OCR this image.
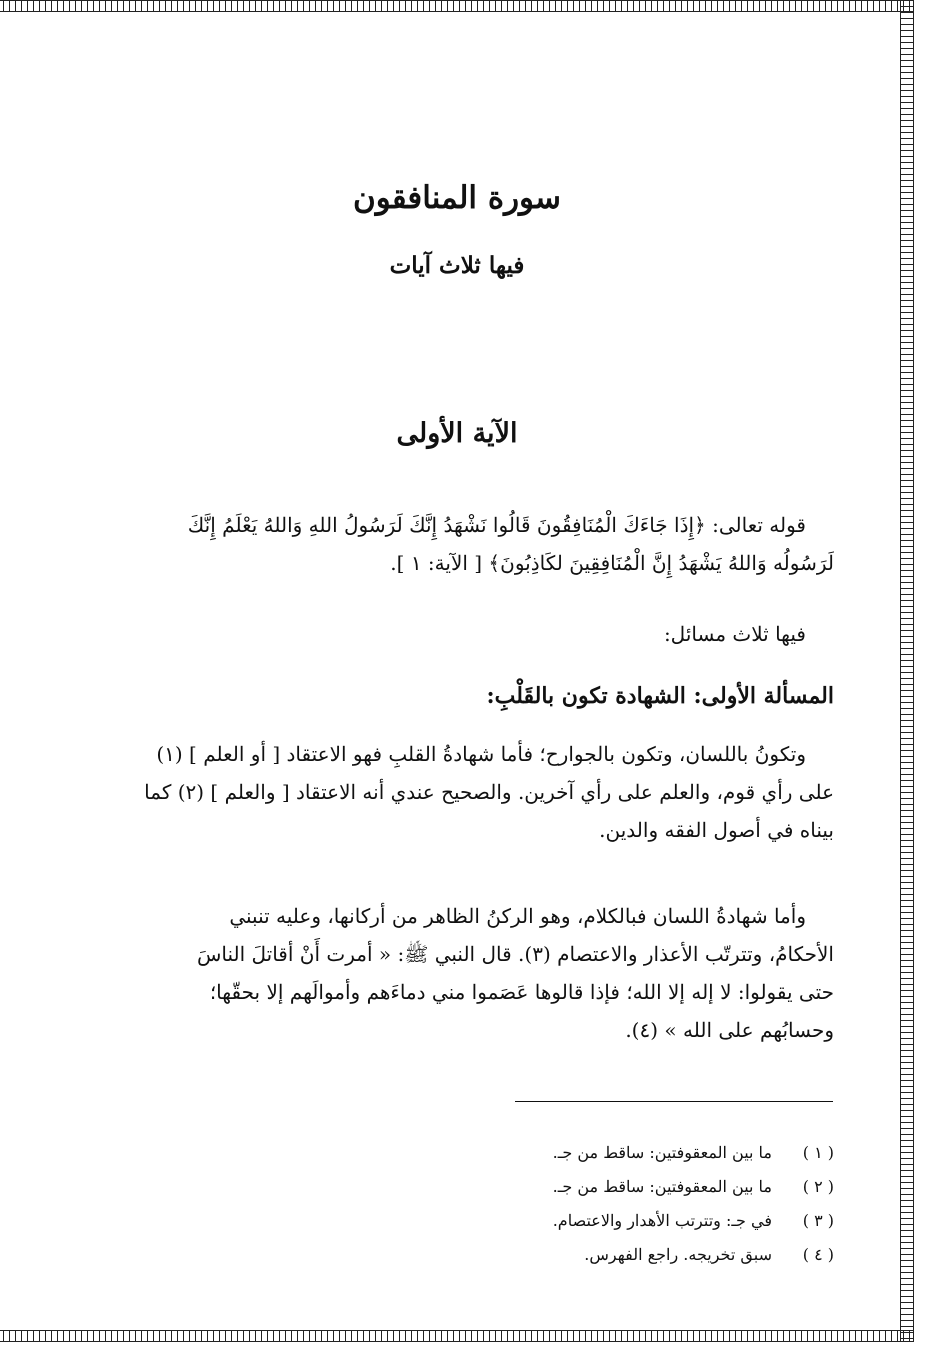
سورة المنافقون
فيها ثلاث آيات
الآية الأولى
قوله تعالى: ﴿إِذَا جَاءَكَ الْمُنَافِقُونَ قَالُوا نَشْهَدُ إِنَّكَ لَرَسُولُ اللهِ وَاللهُ يَعْلَمُ إِنَّكَ
لَرَسُولُه وَاللهُ يَشْهَدُ إِنَّ الْمُنَافِقِينَ لكَاذِبُونَ﴾ [ الآية: ١ ].
فيها ثلاث مسائل:
المسألة الأولى: الشهادة تكون بالقَلْبِ:
وتكونُ باللسان، وتكون بالجوارح؛ فأما شهادةُ القلبِ فهو الاعتقاد [ أو العلم ] (١)
على رأي قوم، والعلم على رأي آخرين. والصحيح عندي أنه الاعتقاد [ والعلم ] (٢) كما
بيناه في أصول الفقه والدين.
وأما شهادةُ اللسان فبالكلام، وهو الركنُ الظاهر من أركانها، وعليه تنبني
الأحكامُ، وتترتّب الأعذار والاعتصام (٣). قال النبي ﷺ: « أمرت أَنْ أقاتلَ الناسَ
حتى يقولوا: لا إله إلا الله؛ فإذا قالوها عَصَموا مني دماءَهم وأموالَهم إلا بحقّها؛
وحسابُهم على الله » (٤).
( ١ )ما بين المعقوفتين: ساقط من جـ.
( ٢ )ما بين المعقوفتين: ساقط من جـ.
( ٣ )في جـ: وتترتب الأهدار والاعتصام.
( ٤ )سبق تخريجه. راجع الفهرس.
